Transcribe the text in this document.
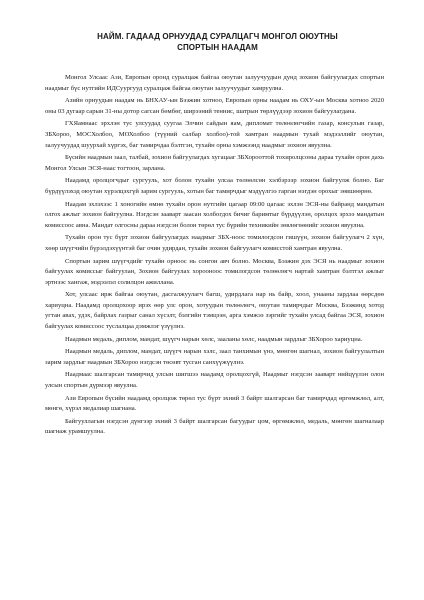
НАЙМ. ГАДААД ОРНУУДАД СУРАЛЦАГЧ МОНГОЛ ОЮУТНЫ
СПОРТЫН НААДАМ

Монгол Улсаас Ази, Европын оронд суралцаж байгаа оюутан залуучуудын дунд зохион байгуулагдах спортын наадмыг бүс нутгийн ИДСуургууд суралцаж байгаа оюутан залуучуудыг хамруулна.

Азийн орнуудын наадам нь БНХАУ-ын Бээжин хотноо, Европын орны наадам нь ОХУ-ын Москва хотноо 2020 оны 03 дугаар сарын 31-ны дотор сагсан бөмбөг, ширээний теннис, шатрын төрлүүдээр зохион байгуулагдана.

ГХЯамнаас эрхлэн тус улсуудад суугаа Элчин сайдын яам, дипломат төлөөлөгчийн газар, консулын газар, ЗБХороо, МОСХолбоо, МОХолбоо (түүний салбар холбоо)-той хамтран наадмын тухай мэдээллийг оюутан, залуучуудад шуурхай хүргэх, баг тамирчдаа бэлтгэн, тухайн орны хэмжээнд наадмыг зохион явуулна.

Бүсийн наадмын заал, талбай, зохион байгуулагдах хугацааг ЗБХорооттой тохиролцсоны дараа тухайн орон дахь Монгол Улсын ЭСЯ-наас тогтоон, зарлана.

Наадамд оролцогчдыг сургууль, хот болон тухайн улсаа төлөөлсөн хэлбэрээр зохион байгуулж болно. Баг бүрдүүлэхэд оюутан хүрэлцэхгүй зарим сургууль, хотын баг тамирчдыг мэдүүлгээ гарган нэгдэн орохыг зөвшөөрнө.

Наадам эхлэхээс 1 хоногийн өмнө тухайн орон нутгийн цагаар 09:00 цагаас эхлэн ЭСЯ-ны байранд мандатын олгох ажлыг зохион байгуулна. Нэгдсэн зааварт заасан холбогдох бичиг баримтыг бүрдүүлэн, оролцох эрхээ мандатын комиссоос авна. Мандат олгосны дараа нэгдсэн болон төрөл тус бүрийн техникийн зөвлөгөөнийг зохион явуулна.

Тухайн орон тус бүрт зохион байгуулагдах наадмыг ЗБХ-ноос томилогдсон гишүүн, зохион байгуулагч 2 хүн, хөөр шүүгчийн бүрэлдэхүүнтэй баг очин удирдан, тухайн зохион байгуулагч комисстой хамтран явуулна.

Спортын зарим шүүгчдийг тухайн орноос нь сонгон авч болно. Москва, Бээжин дэх ЭСЯ нь наадмыг зохион байгуулах комиссыг байгуулан, Зохион байгуулах хорооноос томилогдсон төлөөлөгч нартай хамтран бэлтгэл ажлыг эртнээс хангаж, мэдээлэл солилцон ажиллана.

Хот, улсаас ирж байгаа оюутан, дасгалжуулагч багш, удирдлага нар нь байр, хоол, унааны зардлаа өөрсдөө хариуцна. Наадамд оролцохоор ирэх өөр улс орон, хотуудын төлөөлөгч, оюутан тамирчдыг Москва, Бээжинд хотод угтан авах, удэх, байрлах газрыг санал хүсэлт, бэлгийн тэмцээн, арга хэмжээ зэргийг тухайн улсад байгаа ЭСЯ, зохион байгуулах комиссоос туслалцаа дэмжлэг үзүүлнэ.

Наадмын медаль, диплом, мандат, шүүгч нарын хөлс, зааланы хөлс, наадмын зардлыг ЗБХороо хариуцна.

Наадмын медаль, диплом, мандат, шүүгч нарын хэлс, заал танхимын үнэ, мөнгөн шагнал, зохион байгуулалтын зарим зардлыг наадмын ЗБХороо нэгдсэн төсөвт тусган санхүүжүүлнэ.

Наадмаас шалгарсан тамирчид улсын шигшээ наадамд оролцохгүй, Наадмыг нэгдсэн зааварт нийцүүлэн олон улсын спортын дүрмээр явуулна.

Ази Европын бүсийн наадамд оролцож төрөл тус бүрт эхний 3 байрт шалгарсан баг тамирчдад өргөмжлөл, алт, мөнгө, хүрэл медалиар шагнана.

Байгууллагын нэгдсэн дүнгээр эхний 3 байрт шалгарсан багуудыг цом, өргөмжлөл, медаль, мөнгөн шагналаар шагнаж урамшуулна.
